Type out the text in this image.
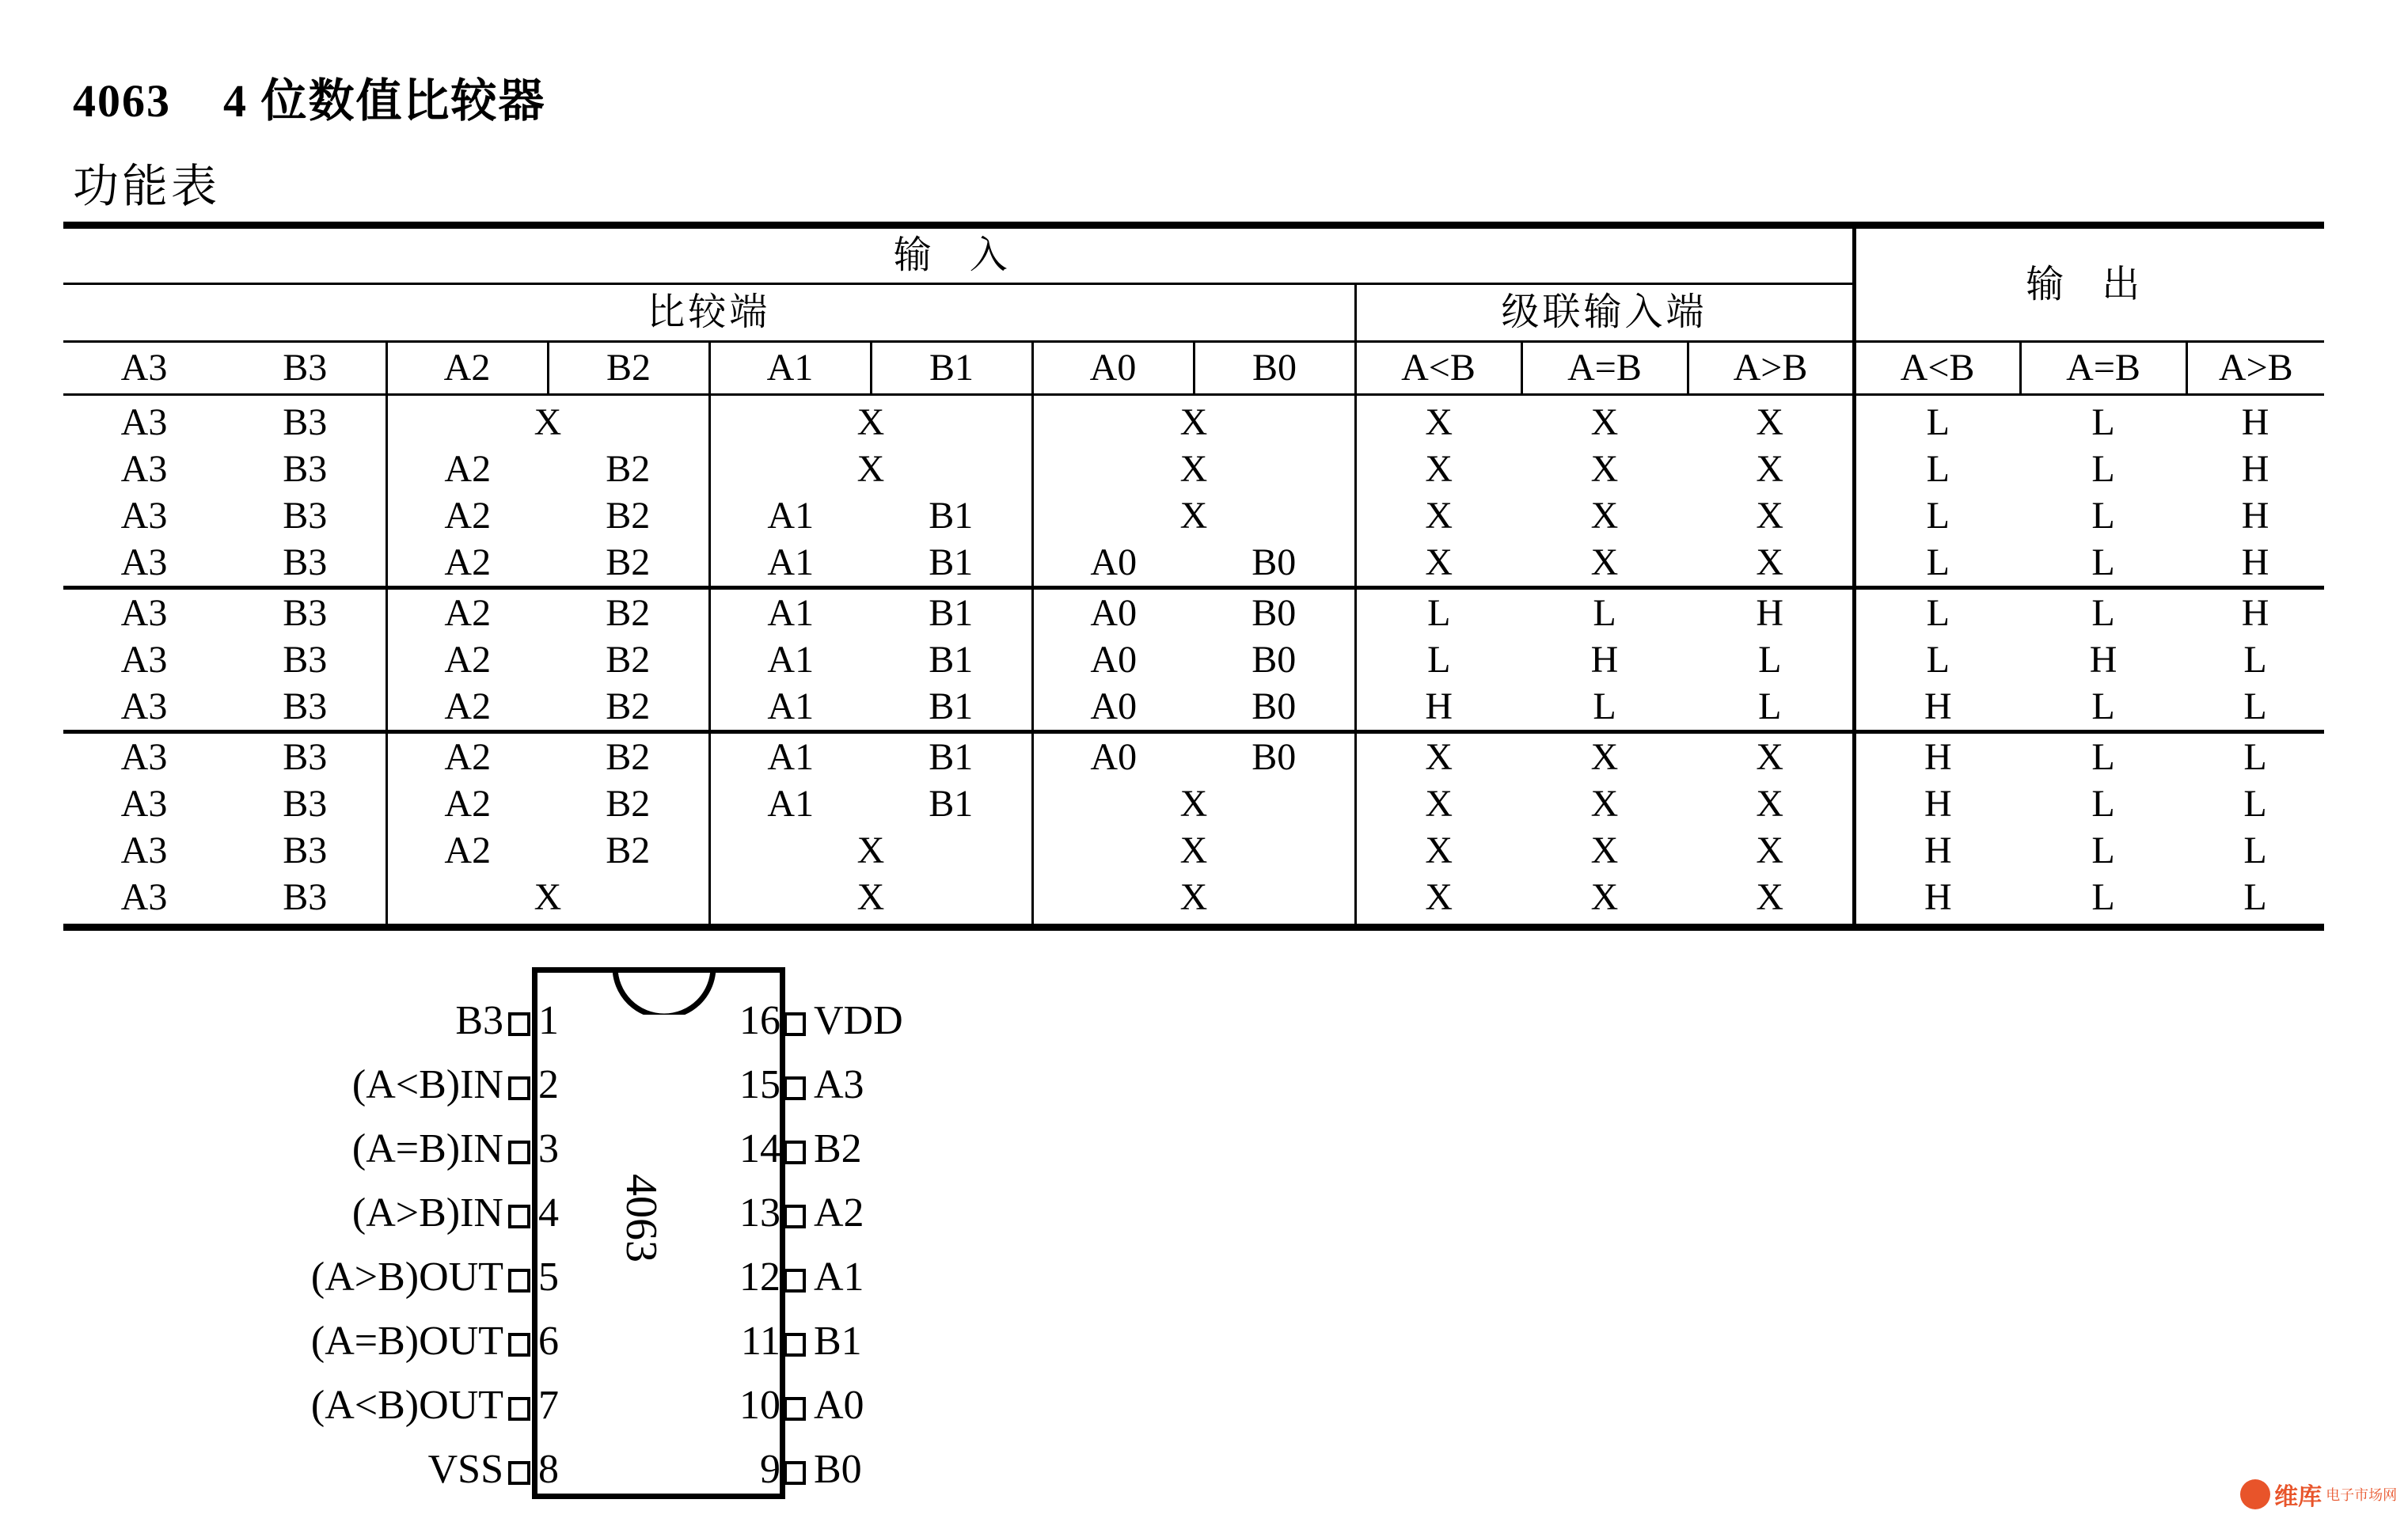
4063    4 位数值比较器
功能表
输 入											输 出		
比较端								级联输入端					
A3	B3	A2	B2	A1	B1	A0	B0	A<B	A=B	A>B	A<B	A=B	A>B
A3	B3	X		X		X		X	X	X	L	L	H
A3	B3	A2	B2	X		X		X	X	X	L	L	H
A3	B3	A2	B2	A1	B1	X		X	X	X	L	L	H
A3	B3	A2	B2	A1	B1	A0	B0	X	X	X	L	L	H
A3	B3	A2	B2	A1	B1	A0	B0	L	L	H	L	L	H
A3	B3	A2	B2	A1	B1	A0	B0	L	H	L	L	H	L
A3	B3	A2	B2	A1	B1	A0	B0	H	L	L	H	L	L
A3	B3	A2	B2	A1	B1	A0	B0	X	X	X	H	L	L
A3	B3	A2	B2	A1	B1	X		X	X	X	H	L	L
A3	B3	A2	B2	X		X		X	X	X	H	L	L
A3	B3	X		X		X		X	X	X	H	L	L
4063
B3 1
(A<B)IN 2
(A=B)IN 3
(A>B)IN 4
(A>B)OUT 5
(A=B)OUT 6
(A<B)OUT 7
VSS 8
16 VDD
15 A3
14 B2
13 A2
12 A1
11 B1
10 A0
9 B0
维库 电子市场网
